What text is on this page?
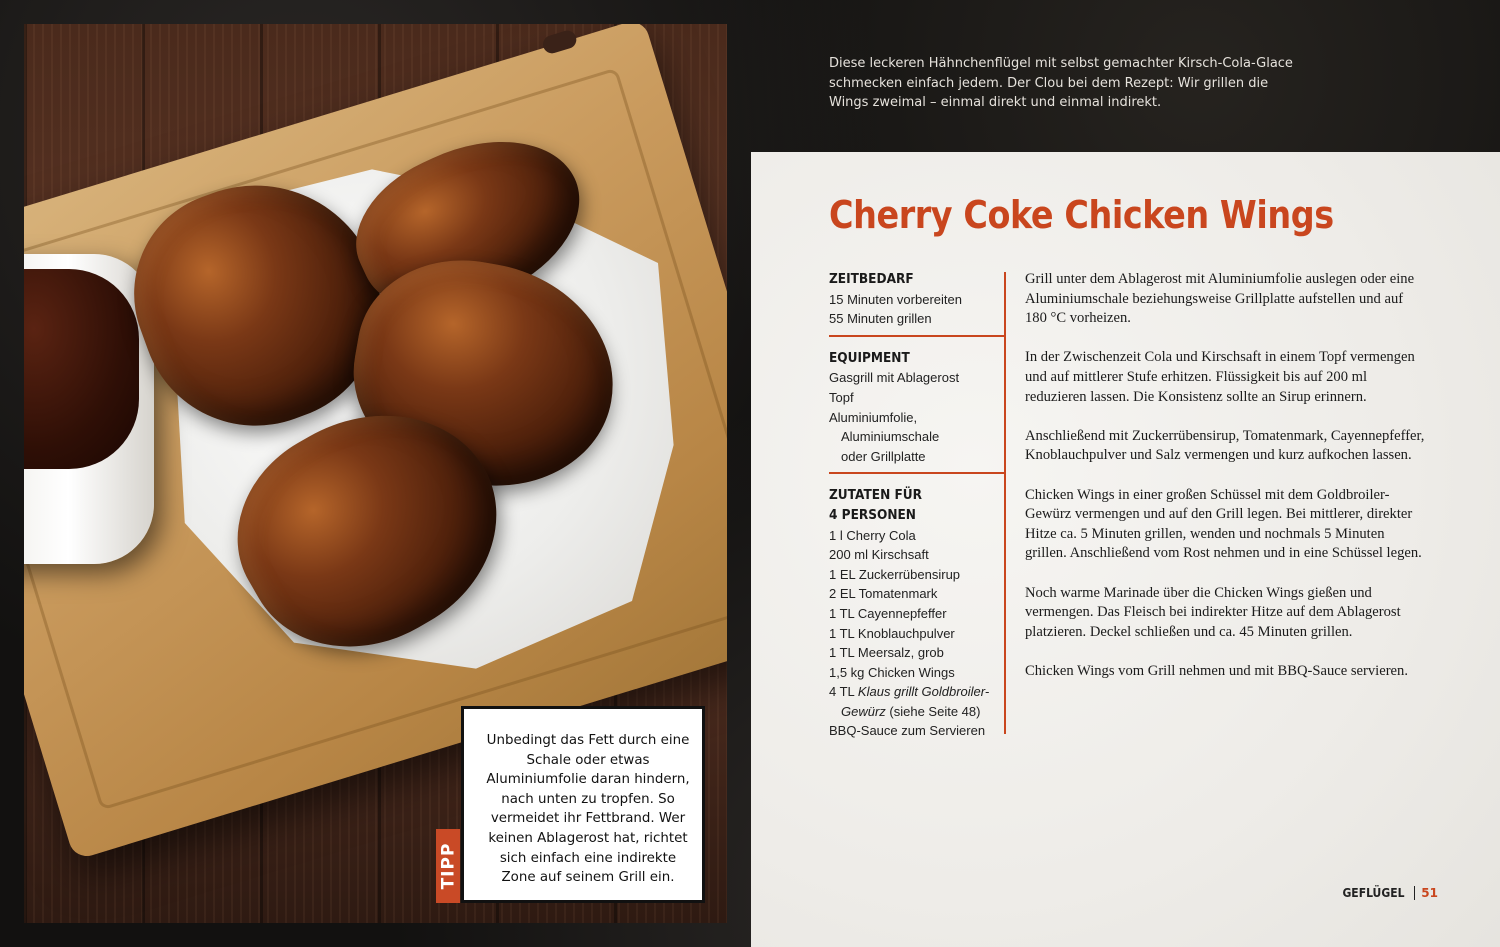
Unbedingt das Fett durch eine Schale oder etwas Aluminiumfolie daran hindern, nach unten zu tropfen. So vermeidet ihr Fettbrand. Wer keinen Ablagerost hat, richtet sich einfach eine indirekte Zone auf seinem Grill ein.

TIPP

Diese leckeren Hähnchenflügel mit selbst gemachter Kirsch-Cola-Glace schmecken einfach jedem. Der Clou bei dem Rezept: Wir grillen die Wings zweimal – einmal direkt und einmal indirekt.

Cherry Coke Chicken Wings
ZEITBEDARF
15 Minuten vorbereiten
55 Minuten grillen
EQUIPMENT
Gasgrill mit Ablagerost
Topf
Aluminiumfolie,
Aluminiumschale
oder Grillplatte
ZUTATEN FÜR
4 PERSONEN
1 l Cherry Cola
200 ml Kirschsaft
1 EL Zuckerrübensirup
2 EL Tomatenmark
1 TL Cayennepfeffer
1 TL Knoblauchpulver
1 TL Meersalz, grob
1,5 kg Chicken Wings
4 TL Klaus grillt Goldbroiler-
Gewürz (siehe Seite 48)
BBQ-Sauce zum Servieren

Grill unter dem Ablagerost mit Aluminiumfolie auslegen oder eine Aluminiumschale beziehungsweise Grillplatte aufstellen und auf 180 °C vorheizen.

In der Zwischenzeit Cola und Kirschsaft in einem Topf vermengen und auf mittlerer Stufe erhitzen. Flüssigkeit bis auf 200 ml reduzieren lassen. Die Konsistenz sollte an Sirup erinnern.

Anschließend mit Zuckerrübensirup, Tomatenmark, Cayennepfeffer, Knoblauchpulver und Salz vermengen und kurz aufkochen lassen.

Chicken Wings in einer großen Schüssel mit dem Goldbroiler-Gewürz vermengen und auf den Grill legen. Bei mittlerer, direkter Hitze ca. 5 Minuten grillen, wenden und nochmals 5 Minuten grillen. Anschließend vom Rost nehmen und in eine Schüssel legen.

Noch warme Marinade über die Chicken Wings gießen und vermengen. Das Fleisch bei indirekter Hitze auf dem Ablagerost platzieren. Deckel schließen und ca. 45 Minuten grillen.

Chicken Wings vom Grill nehmen und mit BBQ-Sauce servieren.

GEFLÜGEL 51
